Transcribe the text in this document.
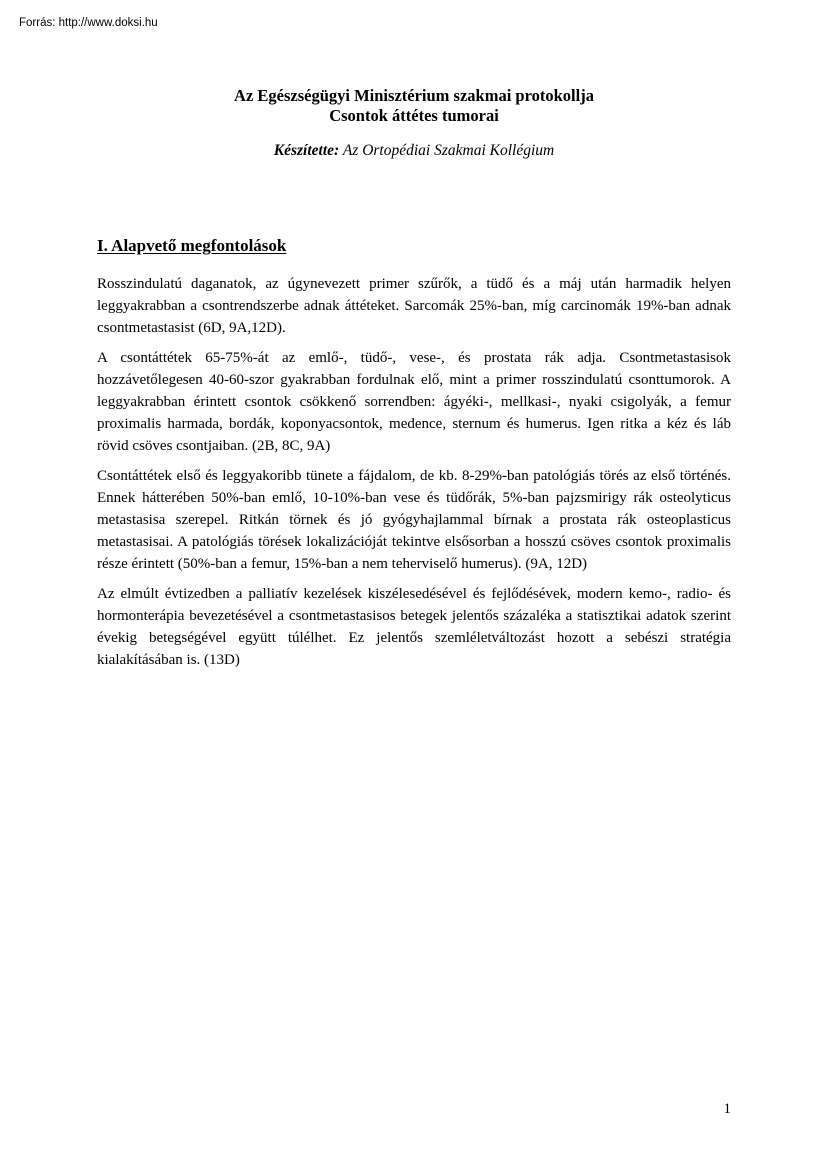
Forrás: http://www.doksi.hu
Az Egészségügyi Minisztérium szakmai protokollja
Csontok áttétes tumorai
Készítette: Az Ortopédiai Szakmai Kollégium
I. Alapvető megfontolások

Rosszindulatú daganatok, az úgynevezett primer szűrők, a tüdő és a máj után harmadik helyen leggyakrabban a csontrendszerbe adnak áttéteket. Sarcomák 25%-ban, míg carcinomák 19%-ban adnak csontmetastasist (6D, 9A,12D).

A csontáttétek 65-75%-át az emlő-, tüdő-, vese-, és prostata rák adja. Csontmetastasisok hozzávetőlegesen 40-60-szor gyakrabban fordulnak elő, mint a primer rosszindulatú csonttumorok. A leggyakrabban érintett csontok csökkenő sorrendben: ágyéki-, mellkasi-, nyaki csigolyák, a femur proximalis harmada, bordák, koponyacsontok, medence, sternum és humerus. Igen ritka a kéz és láb rövid csöves csontjaiban. (2B, 8C, 9A)

Csontáttétek első és leggyakoribb tünete a fájdalom, de kb. 8-29%-ban patológiás törés az első történés. Ennek hátterében 50%-ban emlő, 10-10%-ban vese és tüdőrák, 5%-ban pajzsmirigy rák osteolyticus metastasisa szerepel. Ritkán törnek és jó gyógyhajlammal bírnak a prostata rák osteoplasticus metastasisai. A patológiás törések lokalizációját tekintve elsősorban a hosszú csöves csontok proximalis része érintett (50%-ban a femur, 15%-ban a nem teherviselő humerus). (9A, 12D)

Az elmúlt évtizedben a palliatív kezelések kiszélesedésével és fejlődésévek, modern kemo-, radio- és hormonterápia bevezetésével a csontmetastasisos betegek jelentős százaléka a statisztikai adatok szerint évekig betegségével együtt túlélhet. Ez jelentős szemléletváltozást hozott a sebészi stratégia kialakításában is. (13D)

1
